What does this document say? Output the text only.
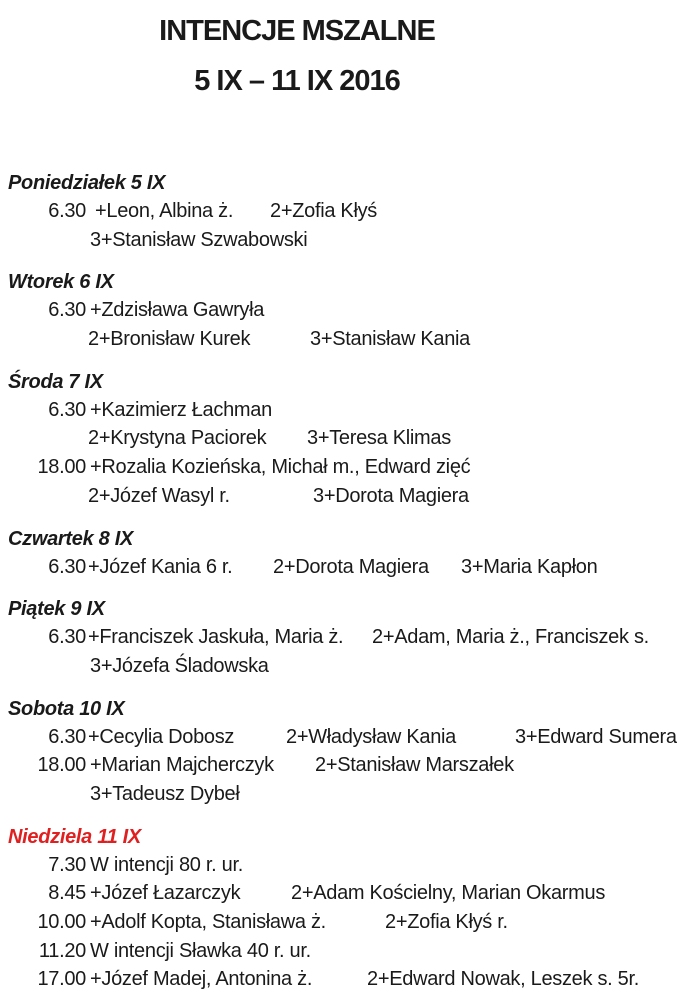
INTENCJE MSZALNE
5 IX – 11 IX 2016
Poniedziałek 5 IX
6.30 +Leon, Albina ż. 2+Zofia Kłyś
3+Stanisław Szwabowski
Wtorek 6 IX
6.30 +Zdzisława Gawryła
2+Bronisław Kurek	3+Stanisław Kania
Środa 7 IX
6.30 +Kazimierz Łachman
2+Krystyna Paciorek 3+Teresa Klimas
18.00 +Rozalia Kozieńska, Michał m., Edward zięć
2+Józef Wasyl r.	3+Dorota Magiera
Czwartek 8 IX
6.30 +Józef Kania 6 r. 2+Dorota Magiera 3+Maria Kapłon
Piątek 9 IX
6.30 +Franciszek Jaskuła, Maria ż. 2+Adam, Maria ż., Franciszek s.
3+Józefa Śladowska
Sobota 10 IX
6.30 +Cecylia Dobosz	2+Władysław Kania	3+Edward Sumera
18.00 +Marian Majcherczyk 2+Stanisław Marszałek
3+Tadeusz Dybeł
Niedziela 11 IX
7.30 W intencji 80 r. ur.
8.45 +Józef Łazarczyk	2+Adam Kościelny, Marian Okarmus
10.00 +Adolf Kopta, Stanisława ż.	2+Zofia Kłyś r.
11.20 W intencji Sławka 40 r. ur.
17.00 +Józef Madej, Antonina ż.	2+Edward Nowak, Leszek s. 5r.
